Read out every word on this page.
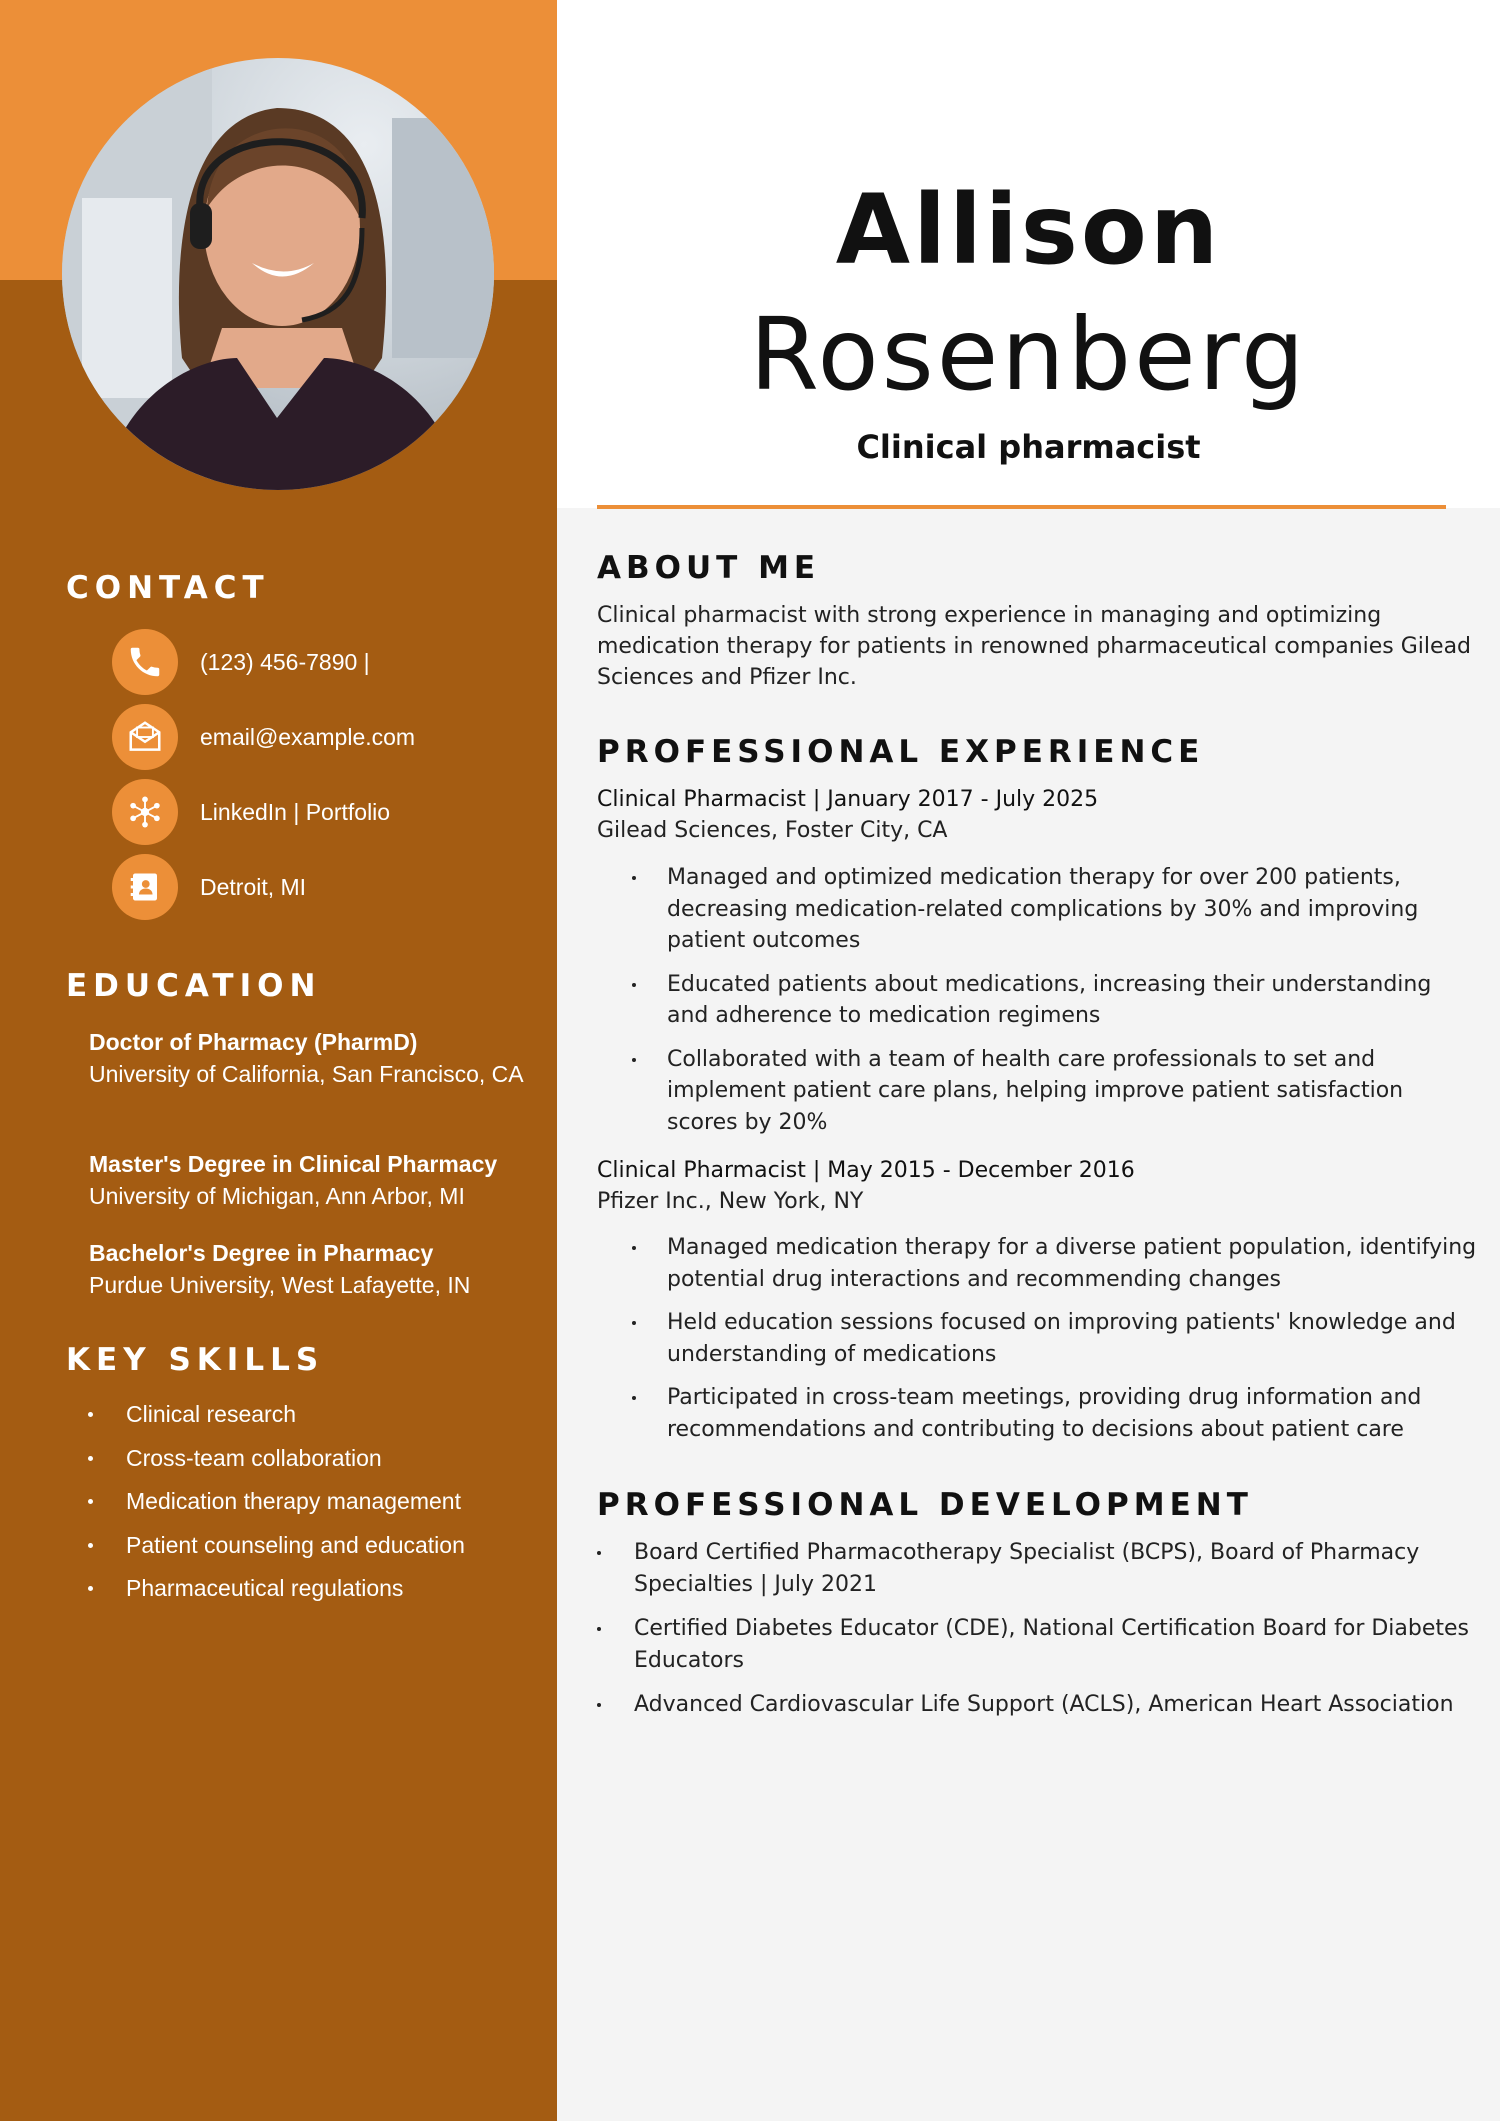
CONTACT
(123) 456-7890 |
email@example.com
LinkedIn | Portfolio
Detroit, MI
EDUCATION
Doctor of Pharmacy (PharmD)
University of California, San Francisco, CA
Master's Degree in Clinical Pharmacy
University of Michigan, Ann Arbor, MI
Bachelor's Degree in Pharmacy
Purdue University, West Lafayette, IN
KEY SKILLS
Clinical research
Cross-team collaboration
Medication therapy management
Patient counseling and education
Pharmaceutical regulations
Allison
Rosenberg
Clinical pharmacist
ABOUT ME
Clinical pharmacist with strong experience in managing and optimizing medication therapy for patients in renowned pharmaceutical companies Gilead Sciences and Pfizer Inc.
PROFESSIONAL EXPERIENCE
Clinical Pharmacist | January 2017 - July 2025
Gilead Sciences, Foster City, CA
Managed and optimized medication therapy for over 200 patients, decreasing medication-related complications by 30% and improving patient outcomes
Educated patients about medications, increasing their understanding and adherence to medication regimens
Collaborated with a team of health care professionals to set and implement patient care plans, helping improve patient satisfaction scores by 20%
Clinical Pharmacist | May 2015 - December 2016
Pfizer Inc., New York, NY
Managed medication therapy for a diverse patient population, identifying potential drug interactions and recommending changes
Held education sessions focused on improving patients' knowledge and understanding of medications
Participated in cross-team meetings, providing drug information and recommendations and contributing to decisions about patient care
PROFESSIONAL DEVELOPMENT
Board Certified Pharmacotherapy Specialist (BCPS), Board of Pharmacy Specialties | July 2021
Certified Diabetes Educator (CDE), National Certification Board for Diabetes Educators
Advanced Cardiovascular Life Support (ACLS), American Heart Association
